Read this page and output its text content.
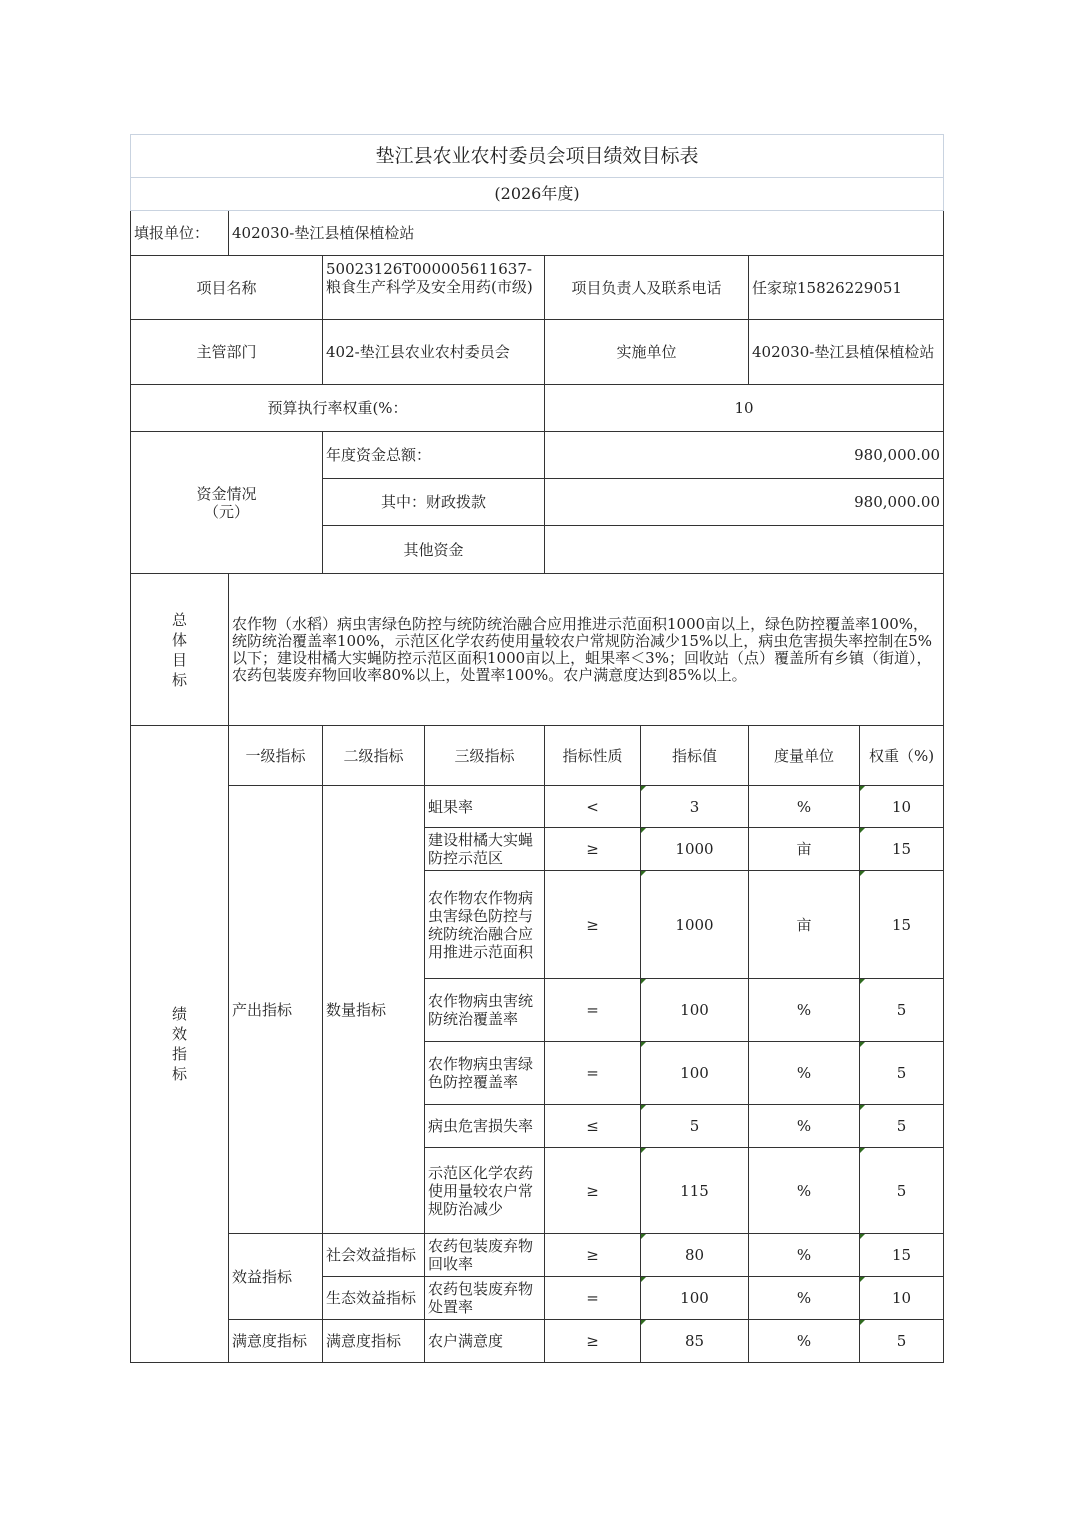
垫江县农业农村委员会项目绩效目标表							
(2026年度)							
填报单位：	402030-垫江县植保植检站						
项目名称		50023126T000005611637-粮食生产科学及安全用药(市级)		项目负责人及联系电话		任家琼15826229051	
主管部门		402-垫江县农业农村委员会		实施单位		402030-垫江县植保植检站	
预算执行率权重(%：				10			
资金情况（元）		年度资金总额：		980,000.00			
		其中：财政拨款		980,000.00			
		其他资金					
总体目标	农作物（水稻）病虫害绿色防控与统防统治融合应用推进示范面积1000亩以上，绿色防控覆盖率100%，统防统治覆盖率100%，示范区化学农药使用量较农户常规防治减少15%以上，病虫危害损失率控制在5%以下；建设柑橘大实蝇防控示范区面积1000亩以上，蛆果率＜3%；回收站（点）覆盖所有乡镇（街道），农药包装废弃物回收率80%以上，处置率100%。农户满意度达到85%以上。						
绩效指标	一级指标	二级指标	三级指标	指标性质	指标值	度量单位	权重（%)
	产出指标	数量指标	蛆果率	<	3	%	10
			建设柑橘大实蝇防控示范区	≥	1000	亩	15
			农作物农作物病虫害绿色防控与统防统治融合应用推进示范面积	≥	1000	亩	15
			农作物病虫害统防统治覆盖率	=	100	%	5
			农作物病虫害绿色防控覆盖率	=	100	%	5
			病虫危害损失率	≤	5	%	5
			示范区化学农药使用量较农户常规防治减少	≥	115	%	5
	效益指标	社会效益指标	农药包装废弃物回收率	≥	80	%	15
		生态效益指标	农药包装废弃物处置率	=	100	%	10
	满意度指标	满意度指标	农户满意度	≥	85	%	5
